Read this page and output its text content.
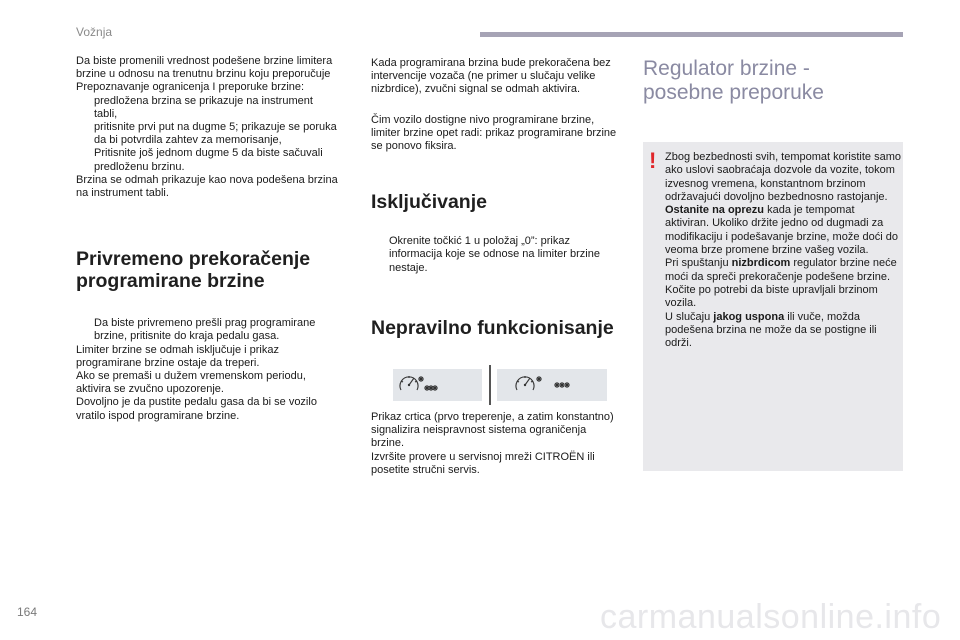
Vožnja

Da biste promenili vrednost podešene brzine limitera brzine u odnosu na trenutnu brzinu koju preporučuje Prepoznavanje ogranicenja I preporuke brzine:

predložena brzina se prikazuje na instrument tabli,
pritisnite prvi put na dugme 5; prikazuje se poruka da bi potvrdila zahtev za memorisanje,
Pritisnite još jednom dugme 5 da biste sačuvali predloženu brzinu.

Brzina se odmah prikazuje kao nova podešena brzina na instrument tabli.

Privremeno prekoračenje programirane brzine
Da biste privremeno prešli prag programirane brzine, pritisnite do kraja pedalu gasa.

Limiter brzine se odmah isključuje i prikaz programirane brzine ostaje da treperi.

Ako se premaši u dužem vremenskom periodu, aktivira se zvučno upozorenje.

Dovoljno je da pustite pedalu gasa da bi se vozilo vratilo ispod programirane brzine.

Kada programirana brzina bude prekoračena bez intervencije vozača (ne primer u slučaju velike nizbrdice), zvučni signal se odmah aktivira.

Čim vozilo dostigne nivo programirane brzine, limiter brzine opet radi: prikaz programirane brzine se ponovo fiksira.

Isključivanje
Okrenite točkić 1 u položaj „0”: prikaz informacija koje se odnose na limiter brzine nestaje.
Nepravilno funkcionisanje

Prikaz crtica (prvo treperenje, a zatim konstantno) signalizira neispravnost sistema ograničenja brzine.

Izvršite provere u servisnoj mreži CITROËN ili posetite stručni servis.

Regulator brzine -
posebne preporuke
! Zbog bezbednosti svih, tempomat koristite samo ako uslovi saobraćaja dozvole da vozite, tokom izvesnog vremena, konstantnom brzinom održavajući dovoljno bezbednosno rastojanje.

Ostanite na oprezu kada je tempomat aktiviran. Ukoliko držite jedno od dugmadi za modifikaciju i podešavanje brzine, može doći do veoma brze promene brzine vašeg vozila.

Pri spuštanju nizbrdicom regulator brzine neće moći da spreči prekoračenje podešene brzine. Kočite po potrebi da biste upravljali brzinom vozila.

U slučaju jakog uspona ili vuče, možda podešena brzina ne može da se postigne ili održi.

164	carmanualsonline.info
